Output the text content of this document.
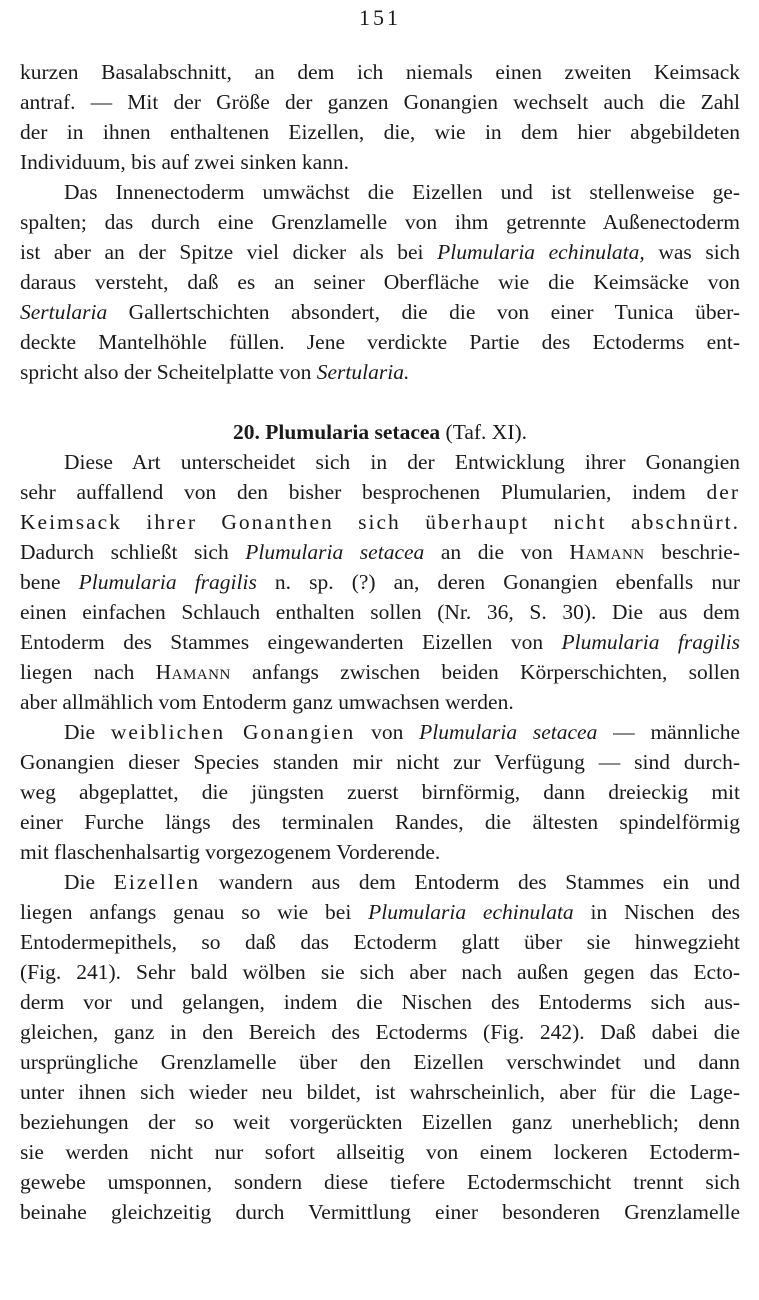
151
kurzen Basalabschnitt, an dem ich niemals einen zweiten Keimsack
antraf. — Mit der Größe der ganzen Gonangien wechselt auch die Zahl
der in ihnen enthaltenen Eizellen, die, wie in dem hier abgebildeten
Individuum, bis auf zwei sinken kann.
Das Innenectoderm umwächst die Eizellen und ist stellenweise ge-
spalten; das durch eine Grenzlamelle von ihm getrennte Außenectoderm
ist aber an der Spitze viel dicker als bei Plumularia echinulata, was sich
daraus versteht, daß es an seiner Oberfläche wie die Keimsäcke von
Sertularia Gallertschichten absondert, die die von einer Tunica über-
deckte Mantelhöhle füllen. Jene verdickte Partie des Ectoderms ent-
spricht also der Scheitelplatte von Sertularia.
20. Plumularia setacea (Taf. XI).
Diese Art unterscheidet sich in der Entwicklung ihrer Gonangien
sehr auffallend von den bisher besprochenen Plumularien, indem der
Keimsack ihrer Gonanthen sich überhaupt nicht abschnürt.
Dadurch schließt sich Plumularia setacea an die von Hamann beschrie-
bene Plumularia fragilis n. sp. (?) an, deren Gonangien ebenfalls nur
einen einfachen Schlauch enthalten sollen (Nr. 36, S. 30). Die aus dem
Entoderm des Stammes eingewanderten Eizellen von Plumularia fragilis
liegen nach Hamann anfangs zwischen beiden Körperschichten, sollen
aber allmählich vom Entoderm ganz umwachsen werden.
Die weiblichen Gonangien von Plumularia setacea — männliche
Gonangien dieser Species standen mir nicht zur Verfügung — sind durch-
weg abgeplattet, die jüngsten zuerst birnförmig, dann dreieckig mit
einer Furche längs des terminalen Randes, die ältesten spindelförmig
mit flaschenhalsartig vorgezogenem Vorderende.
Die Eizellen wandern aus dem Entoderm des Stammes ein und
liegen anfangs genau so wie bei Plumularia echinulata in Nischen des
Entodermepithels, so daß das Ectoderm glatt über sie hinwegzieht
(Fig. 241). Sehr bald wölben sie sich aber nach außen gegen das Ecto-
derm vor und gelangen, indem die Nischen des Entoderms sich aus-
gleichen, ganz in den Bereich des Ectoderms (Fig. 242). Daß dabei die
ursprüngliche Grenzlamelle über den Eizellen verschwindet und dann
unter ihnen sich wieder neu bildet, ist wahrscheinlich, aber für die Lage-
beziehungen der so weit vorgerückten Eizellen ganz unerheblich; denn
sie werden nicht nur sofort allseitig von einem lockeren Ectoderm-
gewebe umsponnen, sondern diese tiefere Ectodermschicht trennt sich
beinahe gleichzeitig durch Vermittlung einer besonderen Grenzlamelle
